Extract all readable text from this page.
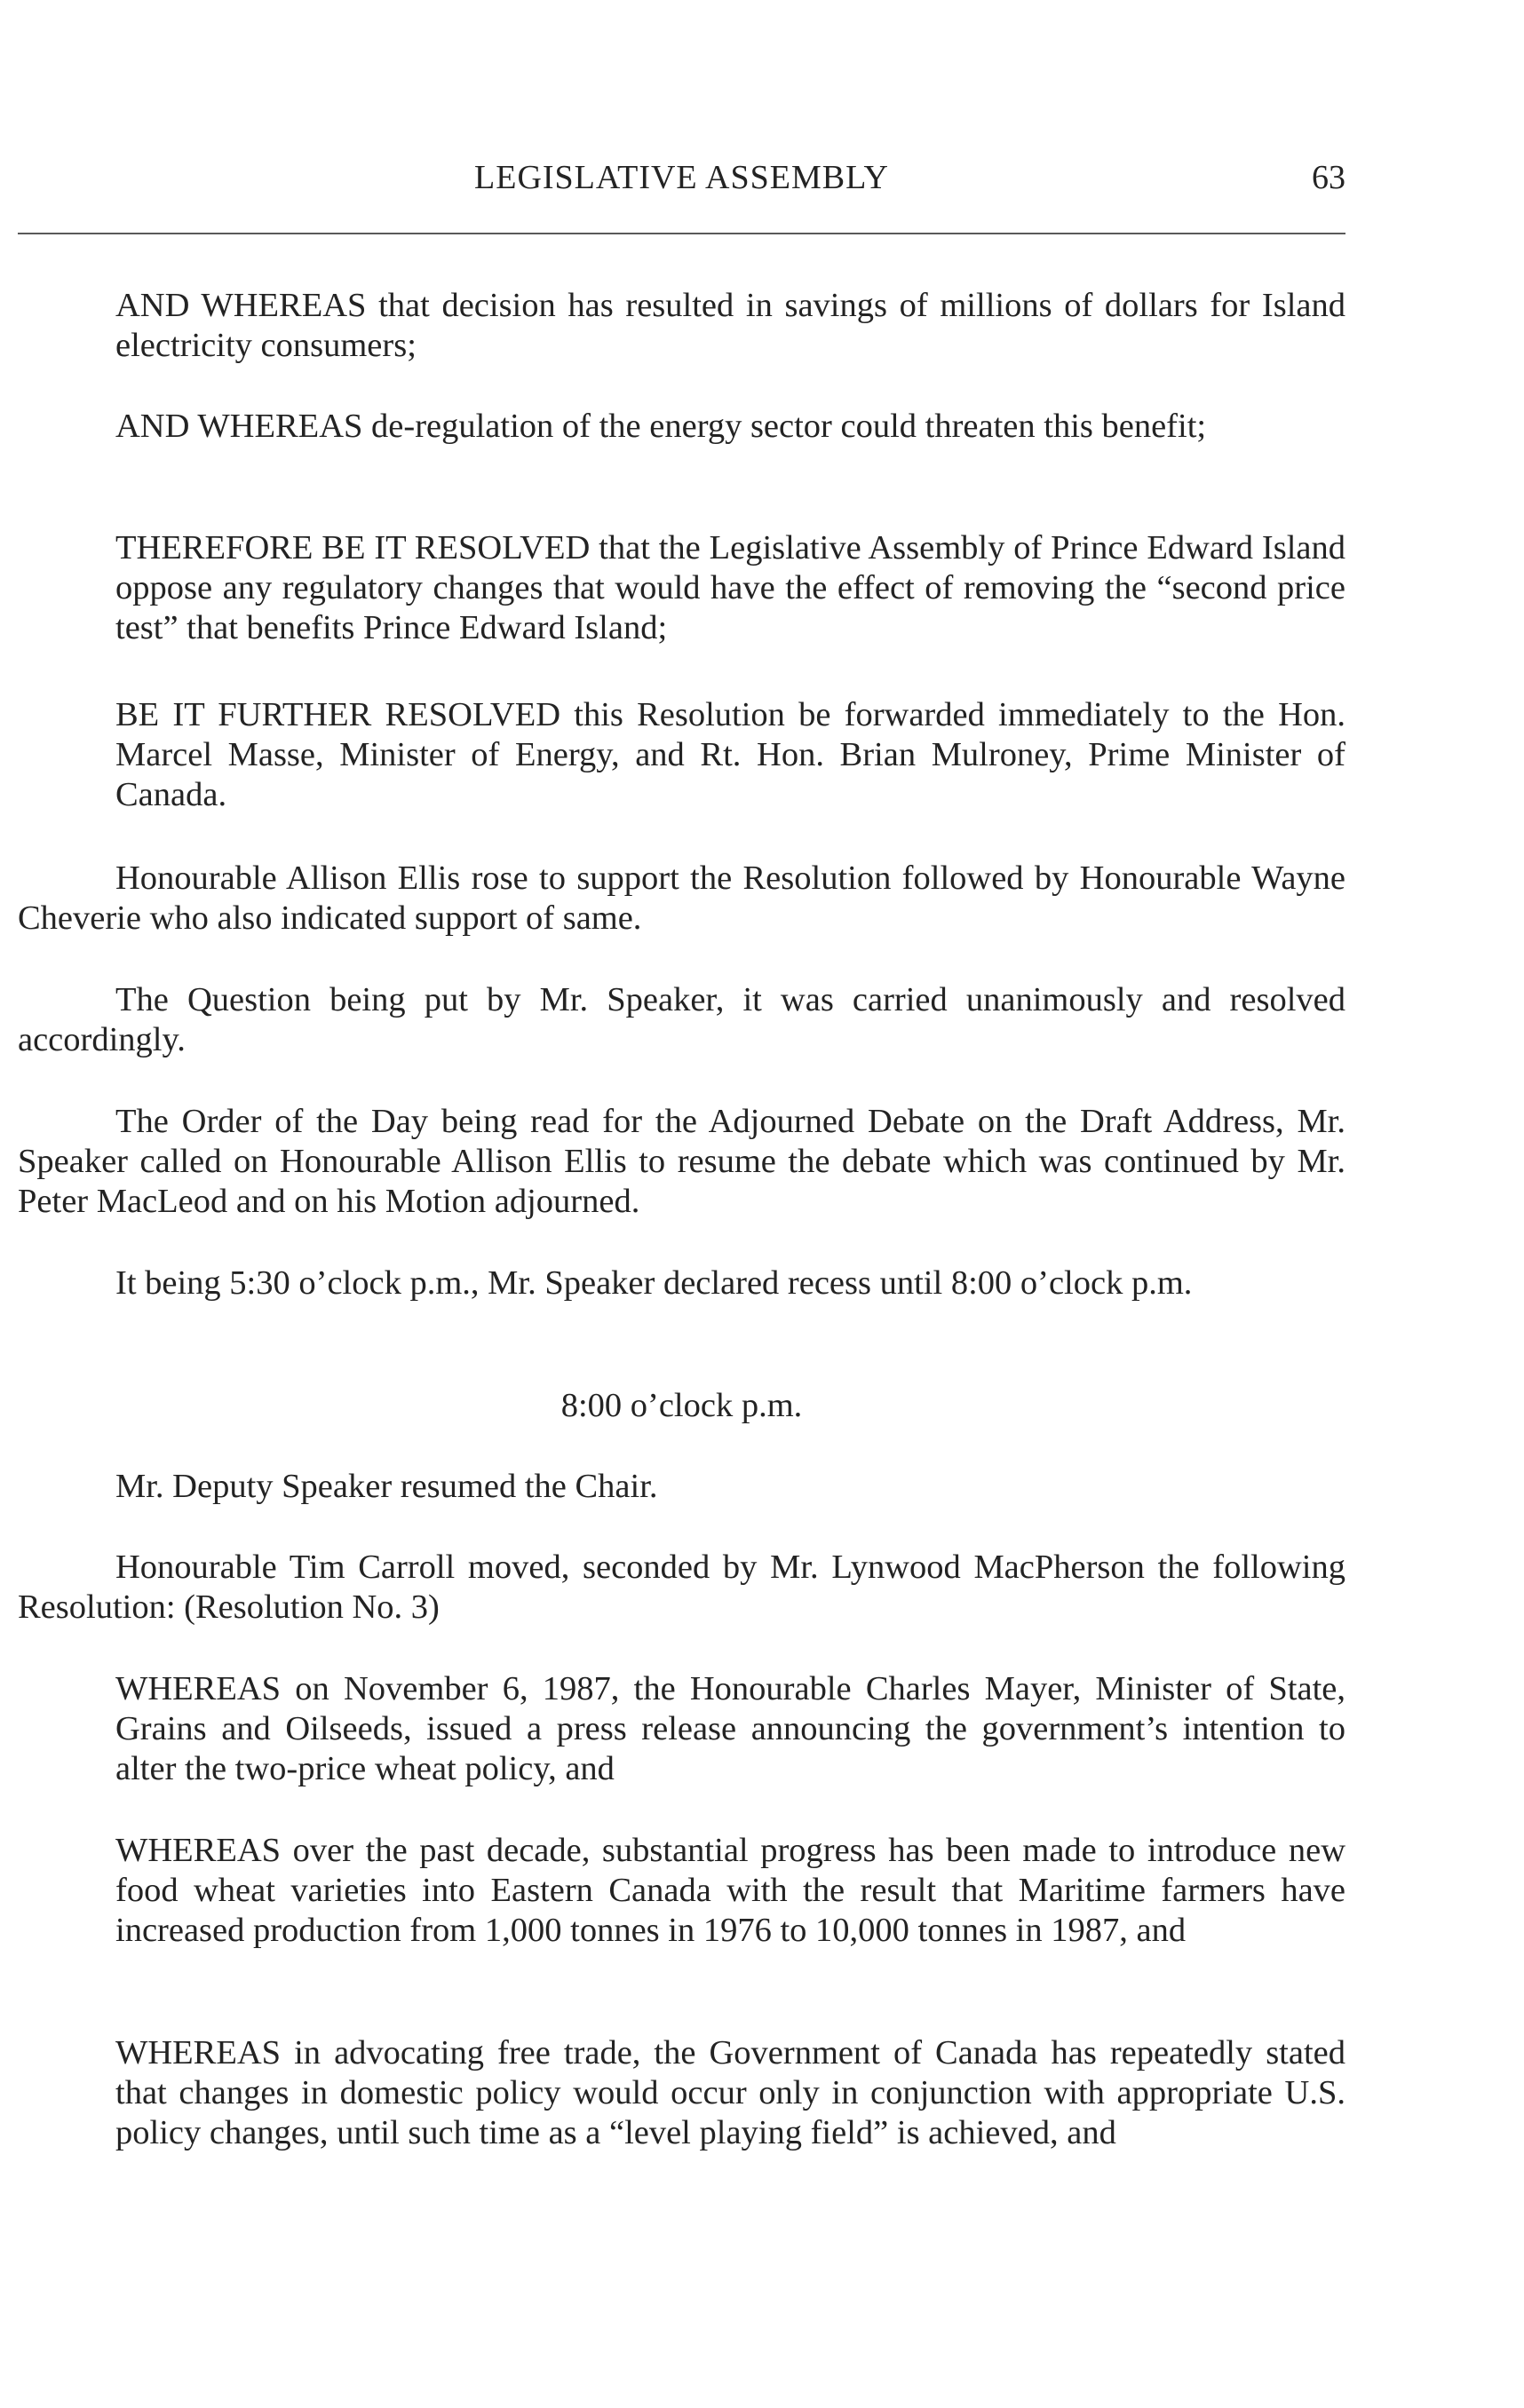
LEGISLATIVE ASSEMBLY	63

AND WHEREAS that decision has resulted in savings of millions of dollars for Island electricity consumers;

AND WHEREAS de-regulation of the energy sector could threaten this benefit;

THEREFORE BE IT RESOLVED that the Legislative Assembly of Prince Edward Island oppose any regulatory changes that would have the effect of removing the “second price test” that benefits Prince Edward Island;

BE IT FURTHER RESOLVED this Resolution be forwarded immediately to the Hon. Marcel Masse, Minister of Energy, and Rt. Hon. Brian Mulroney, Prime Minister of Canada.

Honourable Allison Ellis rose to support the Resolution followed by Honourable Wayne Cheverie who also indicated support of same.

The Question being put by Mr. Speaker, it was carried unanimously and resolved accordingly.

The Order of the Day being read for the Adjourned Debate on the Draft Address, Mr. Speaker called on Honourable Allison Ellis to resume the debate which was continued by Mr. Peter MacLeod and on his Motion adjourned.

It being 5:30 o’clock p.m., Mr. Speaker declared recess until 8:00 o’clock p.m.

8:00 o’clock p.m.

Mr. Deputy Speaker resumed the Chair.

Honourable Tim Carroll moved, seconded by Mr. Lynwood MacPherson the following Resolution: (Resolution No. 3)

WHEREAS on November 6, 1987, the Honourable Charles Mayer, Minister of State, Grains and Oilseeds, issued a press release announcing the government’s intention to alter the two-price wheat policy, and

WHEREAS over the past decade, substantial progress has been made to introduce new food wheat varieties into Eastern Canada with the result that Maritime farmers have increased production from 1,000 tonnes in 1976 to 10,000 tonnes in 1987, and

WHEREAS in advocating free trade, the Government of Canada has repeatedly stated that changes in domestic policy would occur only in conjunction with appropriate U.S. policy changes, until such time as a “level playing field” is achieved, and
